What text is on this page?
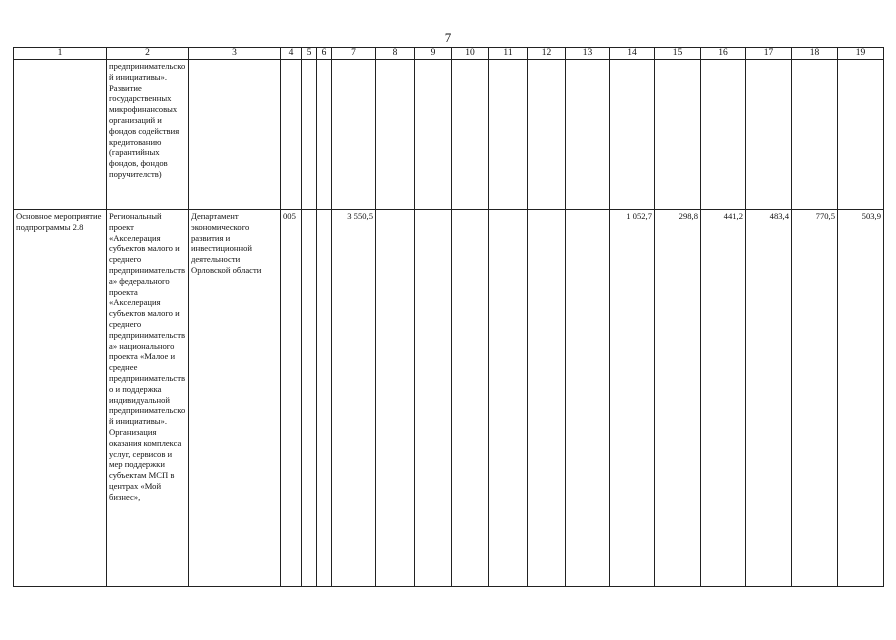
7
1	2	3	4	5	6	7	8	9	10	11	12	13	14	15	16	17	18	19
	предпринимательской инициативы». Развитие государственных микрофинансовых организаций и фондов содействия кредитованию (гарантийных фондов, фондов поручителств)																	
Основное мероприятие подпрограммы 2.8	Региональный проект «Акселерация субъектов малого и среднего предпринимательства» федерального проекта «Акселерация субъектов малого и среднего предпринимательства» национального проекта «Малое и среднее предпринимательство и поддержка индивидуальной предпринимательской инициативы». Организация оказания комплекса услуг, сервисов и мер поддержки субъектам МСП в центрах «Мой бизнес»,	Департамент экономического развития и инвестиционной деятельности Орловской области	005			3 550,5							1 052,7	298,8	441,2	483,4	770,5	503,9
